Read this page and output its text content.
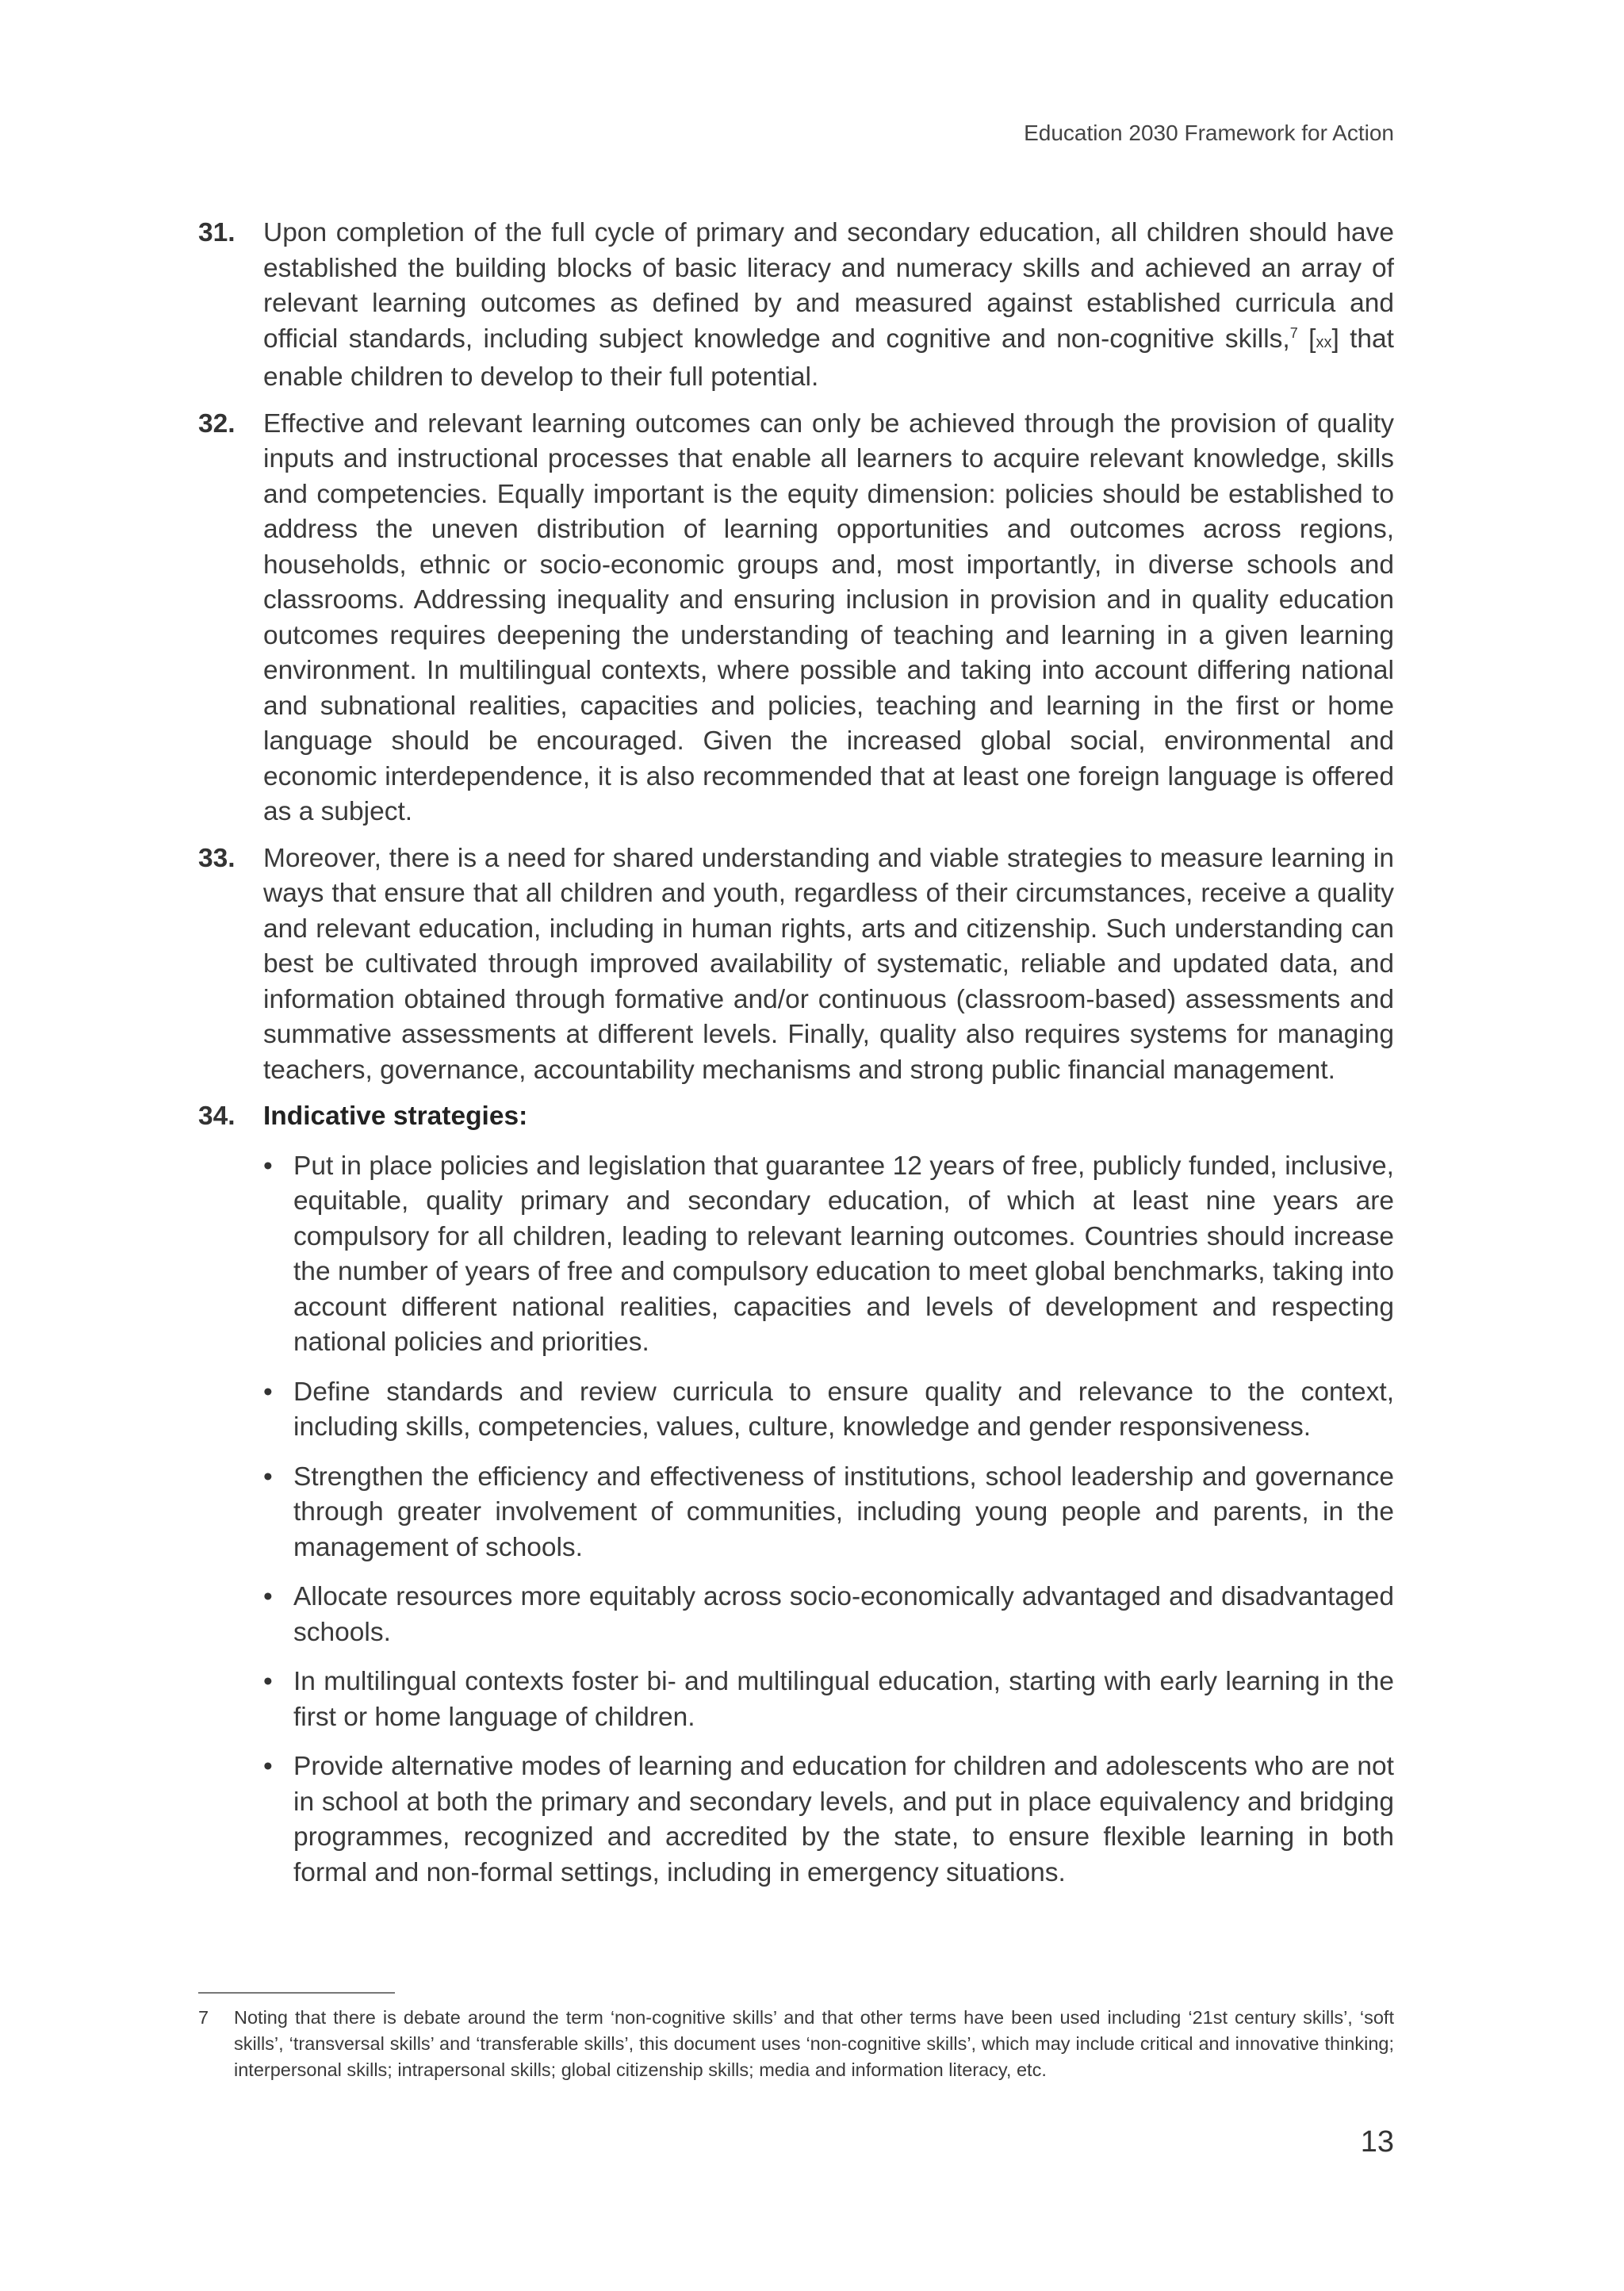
Education 2030 Framework for Action

31. Upon completion of the full cycle of primary and secondary education, all children should have established the building blocks of basic literacy and numeracy skills and achieved an array of relevant learning outcomes as defined by and measured against established curricula and official standards, including subject knowledge and cognitive and non-cognitive skills,$^7$ [xx] that enable children to develop to their full potential.

32. Effective and relevant learning outcomes can only be achieved through the provision of quality inputs and instructional processes that enable all learners to acquire relevant knowledge, skills and competencies. Equally important is the equity dimension: policies should be established to address the uneven distribution of learning opportunities and outcomes across regions, households, ethnic or socio-economic groups and, most importantly, in diverse schools and classrooms. Addressing inequality and ensuring inclusion in provision and in quality education outcomes requires deepening the understanding of teaching and learning in a given learning environment. In multilingual contexts, where possible and taking into account differing national and subnational realities, capacities and policies, teaching and learning in the first or home language should be encouraged. Given the increased global social, environmental and economic interdependence, it is also recommended that at least one foreign language is offered as a subject.

33. Moreover, there is a need for shared understanding and viable strategies to measure learning in ways that ensure that all children and youth, regardless of their circumstances, receive a quality and relevant education, including in human rights, arts and citizenship. Such understanding can best be cultivated through improved availability of systematic, reliable and updated data, and information obtained through formative and/or continuous (classroom-based) assessments and summative assessments at different levels. Finally, quality also requires systems for managing teachers, governance, accountability mechanisms and strong public financial management.

34. Indicative strategies:

• Put in place policies and legislation that guarantee 12 years of free, publicly funded, inclusive, equitable, quality primary and secondary education, of which at least nine years are compulsory for all children, leading to relevant learning outcomes. Countries should increase the number of years of free and compulsory education to meet global benchmarks, taking into account different national realities, capacities and levels of development and respecting national policies and priorities.
• Define standards and review curricula to ensure quality and relevance to the context, including skills, competencies, values, culture, knowledge and gender responsiveness.
• Strengthen the efficiency and effectiveness of institutions, school leadership and governance through greater involvement of communities, including young people and parents, in the management of schools.
• Allocate resources more equitably across socio-economically advantaged and disadvantaged schools.
• In multilingual contexts foster bi- and multilingual education, starting with early learning in the first or home language of children.
• Provide alternative modes of learning and education for children and adolescents who are not in school at both the primary and secondary levels, and put in place equivalency and bridging programmes, recognized and accredited by the state, to ensure flexible learning in both formal and non-formal settings, including in emergency situations.
7	Noting that there is debate around the term ‘non-cognitive skills’ and that other terms have been used including ‘21st century skills’, ‘soft skills’, ‘transversal skills’ and ‘transferable skills’, this document uses ‘non-cognitive skills’, which may include critical and innovative thinking; interpersonal skills; intrapersonal skills; global citizenship skills; media and information literacy, etc.
13
